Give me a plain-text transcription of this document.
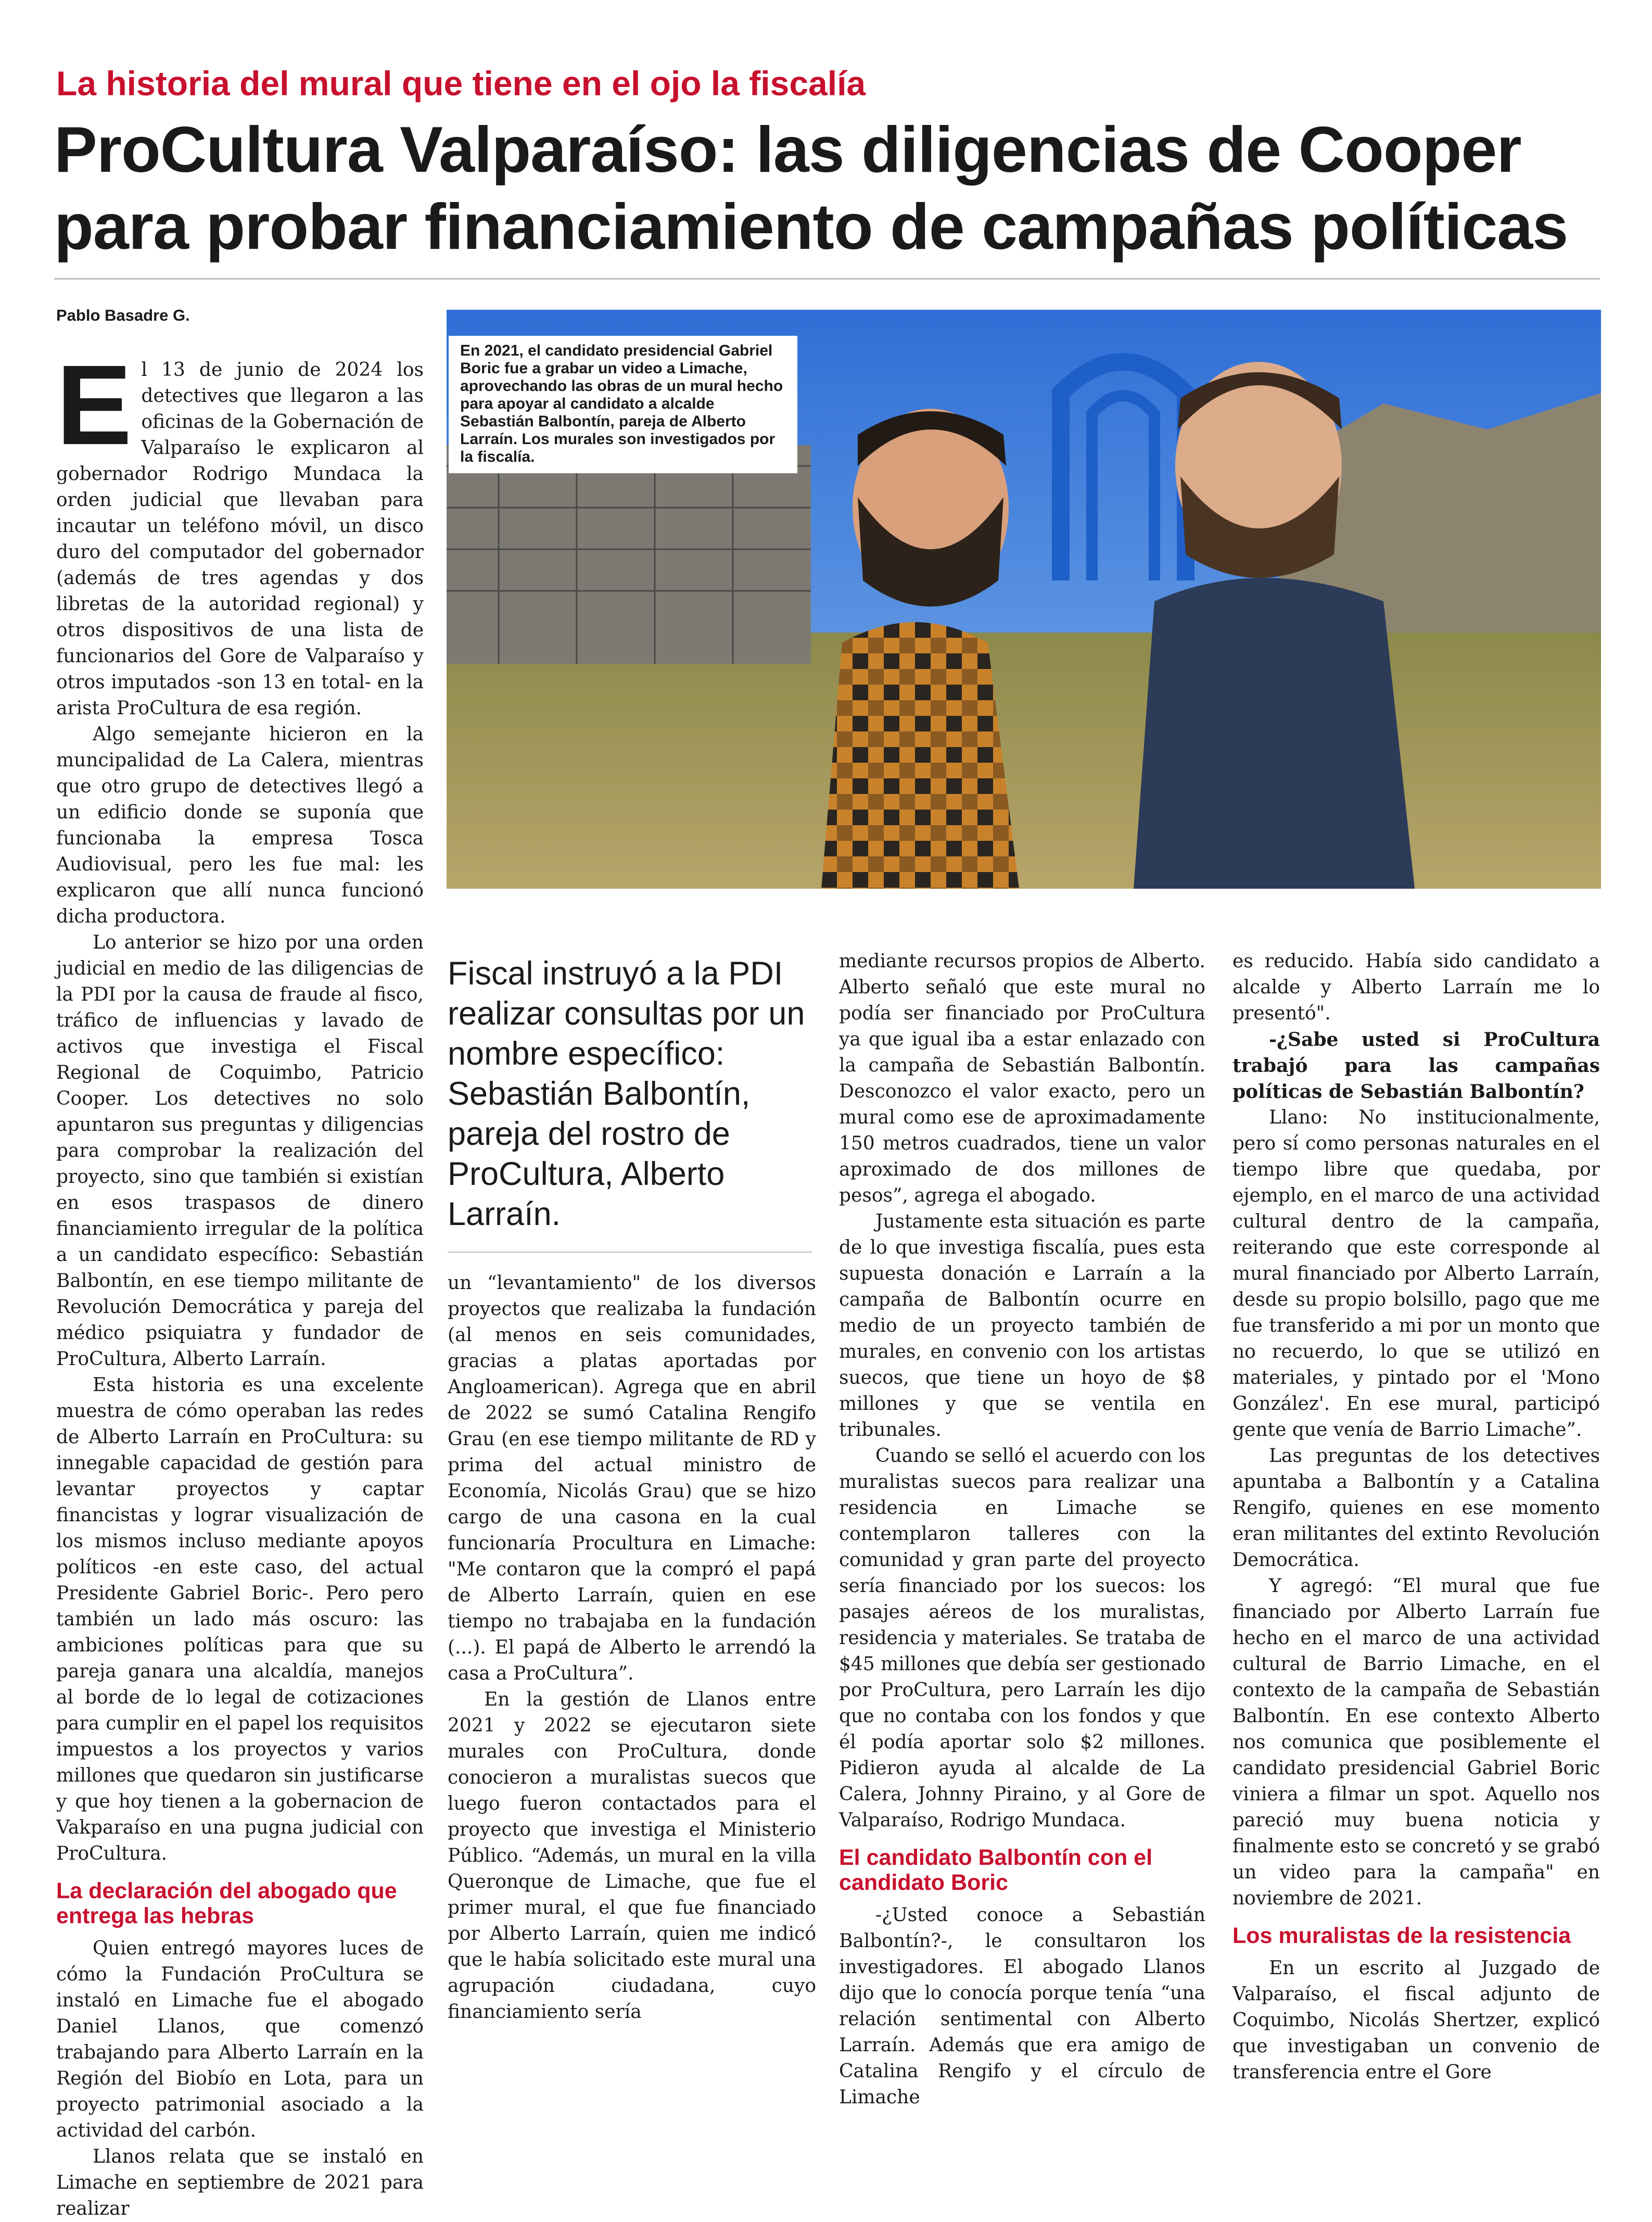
La historia del mural que tiene en el ojo la fiscalía
ProCultura Valparaíso: las diligencias de Cooper para probar financiamiento de campañas políticas
Pablo Basadre G.

El 13 de junio de 2024 los detectives que llegaron a las oficinas de la Gobernación de Valparaíso le explicaron al gobernador Rodrigo Mundaca la orden judicial que llevaban para incautar un teléfono móvil, un disco duro del computador del gobernador (además de tres agendas y dos libretas de la autoridad regional) y otros dispositivos de una lista de funcionarios del Gore de Valparaíso y otros imputados -son 13 en total- en la arista ProCultura de esa región.

Algo semejante hicieron en la muncipalidad de La Calera, mientras que otro grupo de detectives llegó a un edificio donde se suponía que funcionaba la empresa Tosca Audiovisual, pero les fue mal: les explicaron que allí nunca funcionó dicha productora.

Lo anterior se hizo por una orden judicial en medio de las diligencias de la PDI por la causa de fraude al fisco, tráfico de influencias y lavado de activos que investiga el Fiscal Regional de Coquimbo, Patricio Cooper. Los detectives no solo apuntaron sus preguntas y diligencias para comprobar la realización del proyecto, sino que también si existían en esos traspasos de dinero financiamiento irregular de la política a un candidato específico: Sebastián Balbontín, en ese tiempo militante de Revolución Democrática y pareja del médico psiquiatra y fundador de ProCultura, Alberto Larraín.

Esta historia es una excelente muestra de cómo operaban las redes de Alberto Larraín en ProCultura: su innegable capacidad de gestión para levantar proyectos y captar financistas y lograr visualización de los mismos incluso mediante apoyos políticos -en este caso, del actual Presidente Gabriel Boric-. Pero pero también un lado más oscuro: las ambiciones políticas para que su pareja ganara una alcaldía, manejos al borde de lo legal de cotizaciones para cumplir en el papel los requisitos impuestos a los proyectos y varios millones que quedaron sin justificarse y que hoy tienen a la gobernacion de Vakparaíso en una pugna judicial con ProCultura.

La declaración del abogado que entrega las hebras

Quien entregó mayores luces de cómo la Fundación ProCultura se instaló en Limache fue el abogado Daniel Llanos, que comenzó trabajando para Alberto Larraín en la Región del Biobío en Lota, para un proyecto patrimonial asociado a la actividad del carbón.

Llanos relata que se instaló en Limache en septiembre de 2021 para realizar

En 2021, el candidato presidencial Gabriel Boric fue a grabar un video a Limache, aprovechando las obras de un mural hecho para apoyar al candidato a alcalde Sebastián Balbontín, pareja de Alberto Larraín. Los murales son investigados por la fiscalía.
Fiscal instruyó a la PDI realizar consultas por un nombre específico: Sebastián Balbontín, pareja del rostro de ProCultura, Alberto Larraín.

un “levantamiento" de los diversos proyectos que realizaba la fundación (al menos en seis comunidades, gracias a platas aportadas por Angloamerican). Agrega que en abril de 2022 se sumó Catalina Rengifo Grau (en ese tiempo militante de RD y prima del actual ministro de Economía, Nicolás Grau) que se hizo cargo de una casona en la cual funcionaría Procultura en Limache: "Me contaron que la compró el papá de Alberto Larraín, quien en ese tiempo no trabajaba en la fundación (...). El papá de Alberto le arrendó la casa a ProCultura”.

En la gestión de Llanos entre 2021 y 2022 se ejecutaron siete murales con ProCultura, donde conocieron a muralistas suecos que luego fueron contactados para el proyecto que investiga el Ministerio Público. “Además, un mural en la villa Queronque de Limache, que fue el primer mural, el que fue financiado por Alberto Larraín, quien me indicó que le había solicitado este mural una agrupación ciudadana, cuyo financiamiento sería

mediante recursos propios de Alberto. Alberto señaló que este mural no podía ser financiado por ProCultura ya que igual iba a estar enlazado con la campaña de Sebastián Balbontín. Desconozco el valor exacto, pero un mural como ese de aproximadamente 150 metros cuadrados, tiene un valor aproximado de dos millones de pesos”, agrega el abogado.

Justamente esta situación es parte de lo que investiga fiscalía, pues esta supuesta donación e Larraín a la campaña de Balbontín ocurre en medio de un proyecto también de murales, en convenio con los artistas suecos, que tiene un hoyo de $8 millones y que se ventila en tribunales.

Cuando se selló el acuerdo con los muralistas suecos para realizar una residencia en Limache se contemplaron talleres con la comunidad y gran parte del proyecto sería financiado por los suecos: los pasajes aéreos de los muralistas, residencia y materiales. Se trataba de $45 millones que debía ser gestionado por ProCultura, pero Larraín les dijo que no contaba con los fondos y que él podía aportar solo $2 millones. Pidieron ayuda al alcalde de La Calera, Johnny Piraino, y al Gore de Valparaíso, Rodrigo Mundaca.

El candidato Balbontín con el candidato Boric

-¿Usted conoce a Sebastián Balbontín?-, le consultaron los investigadores. El abogado Llanos dijo que lo conocía porque tenía “una relación sentimental con Alberto Larraín. Además que era amigo de Catalina Rengifo y el círculo de Limache

es reducido. Había sido candidato a alcalde y Alberto Larraín me lo presentó".

-¿Sabe usted si ProCultura trabajó para las campañas políticas de Sebastián Balbontín?

Llano: No institucionalmente, pero sí como personas naturales en el tiempo libre que quedaba, por ejemplo, en el marco de una actividad cultural dentro de la campaña, reiterando que este corresponde al mural financiado por Alberto Larraín, desde su propio bolsillo, pago que me fue transferido a mi por un monto que no recuerdo, lo que se utilizó en materiales, y pintado por el 'Mono González'. En ese mural, participó gente que venía de Barrio Limache”.

Las preguntas de los detectives apuntaba a Balbontín y a Catalina Rengifo, quienes en ese momento eran militantes del extinto Revolución Democrática.

Y agregó: “El mural que fue financiado por Alberto Larraín fue hecho en el marco de una actividad cultural de Barrio Limache, en el contexto de la campaña de Sebastián Balbontín. En ese contexto Alberto nos comunica que posiblemente el candidato presidencial Gabriel Boric viniera a filmar un spot. Aquello nos pareció muy buena noticia y finalmente esto se concretó y se grabó un video para la campaña" en noviembre de 2021.

Los muralistas de la resistencia

En un escrito al Juzgado de Valparaíso, el fiscal adjunto de Coquimbo, Nicolás Shertzer, explicó que investigaban un convenio de transferencia entre el Gore
